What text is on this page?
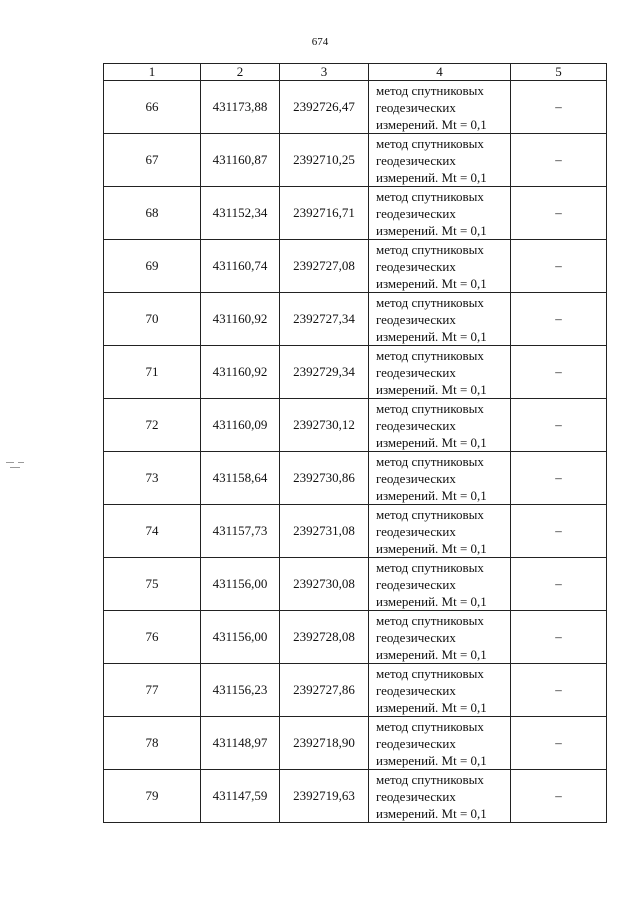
674
1	2	3	4	5
66	431173,88	2392726,47	метод спутниковых
геодезических
измерений. Mt = 0,1	–
67	431160,87	2392710,25	метод спутниковых
геодезических
измерений. Mt = 0,1	–
68	431152,34	2392716,71	метод спутниковых
геодезических
измерений. Mt = 0,1	–
69	431160,74	2392727,08	метод спутниковых
геодезических
измерений. Mt = 0,1	–
70	431160,92	2392727,34	метод спутниковых
геодезических
измерений. Mt = 0,1	–
71	431160,92	2392729,34	метод спутниковых
геодезических
измерений. Mt = 0,1	–
72	431160,09	2392730,12	метод спутниковых
геодезических
измерений. Mt = 0,1	–
73	431158,64	2392730,86	метод спутниковых
геодезических
измерений. Mt = 0,1	–
74	431157,73	2392731,08	метод спутниковых
геодезических
измерений. Mt = 0,1	–
75	431156,00	2392730,08	метод спутниковых
геодезических
измерений. Mt = 0,1	–
76	431156,00	2392728,08	метод спутниковых
геодезических
измерений. Mt = 0,1	–
77	431156,23	2392727,86	метод спутниковых
геодезических
измерений. Mt = 0,1	–
78	431148,97	2392718,90	метод спутниковых
геодезических
измерений. Mt = 0,1	–
79	431147,59	2392719,63	метод спутниковых
геодезических
измерений. Mt = 0,1	–
